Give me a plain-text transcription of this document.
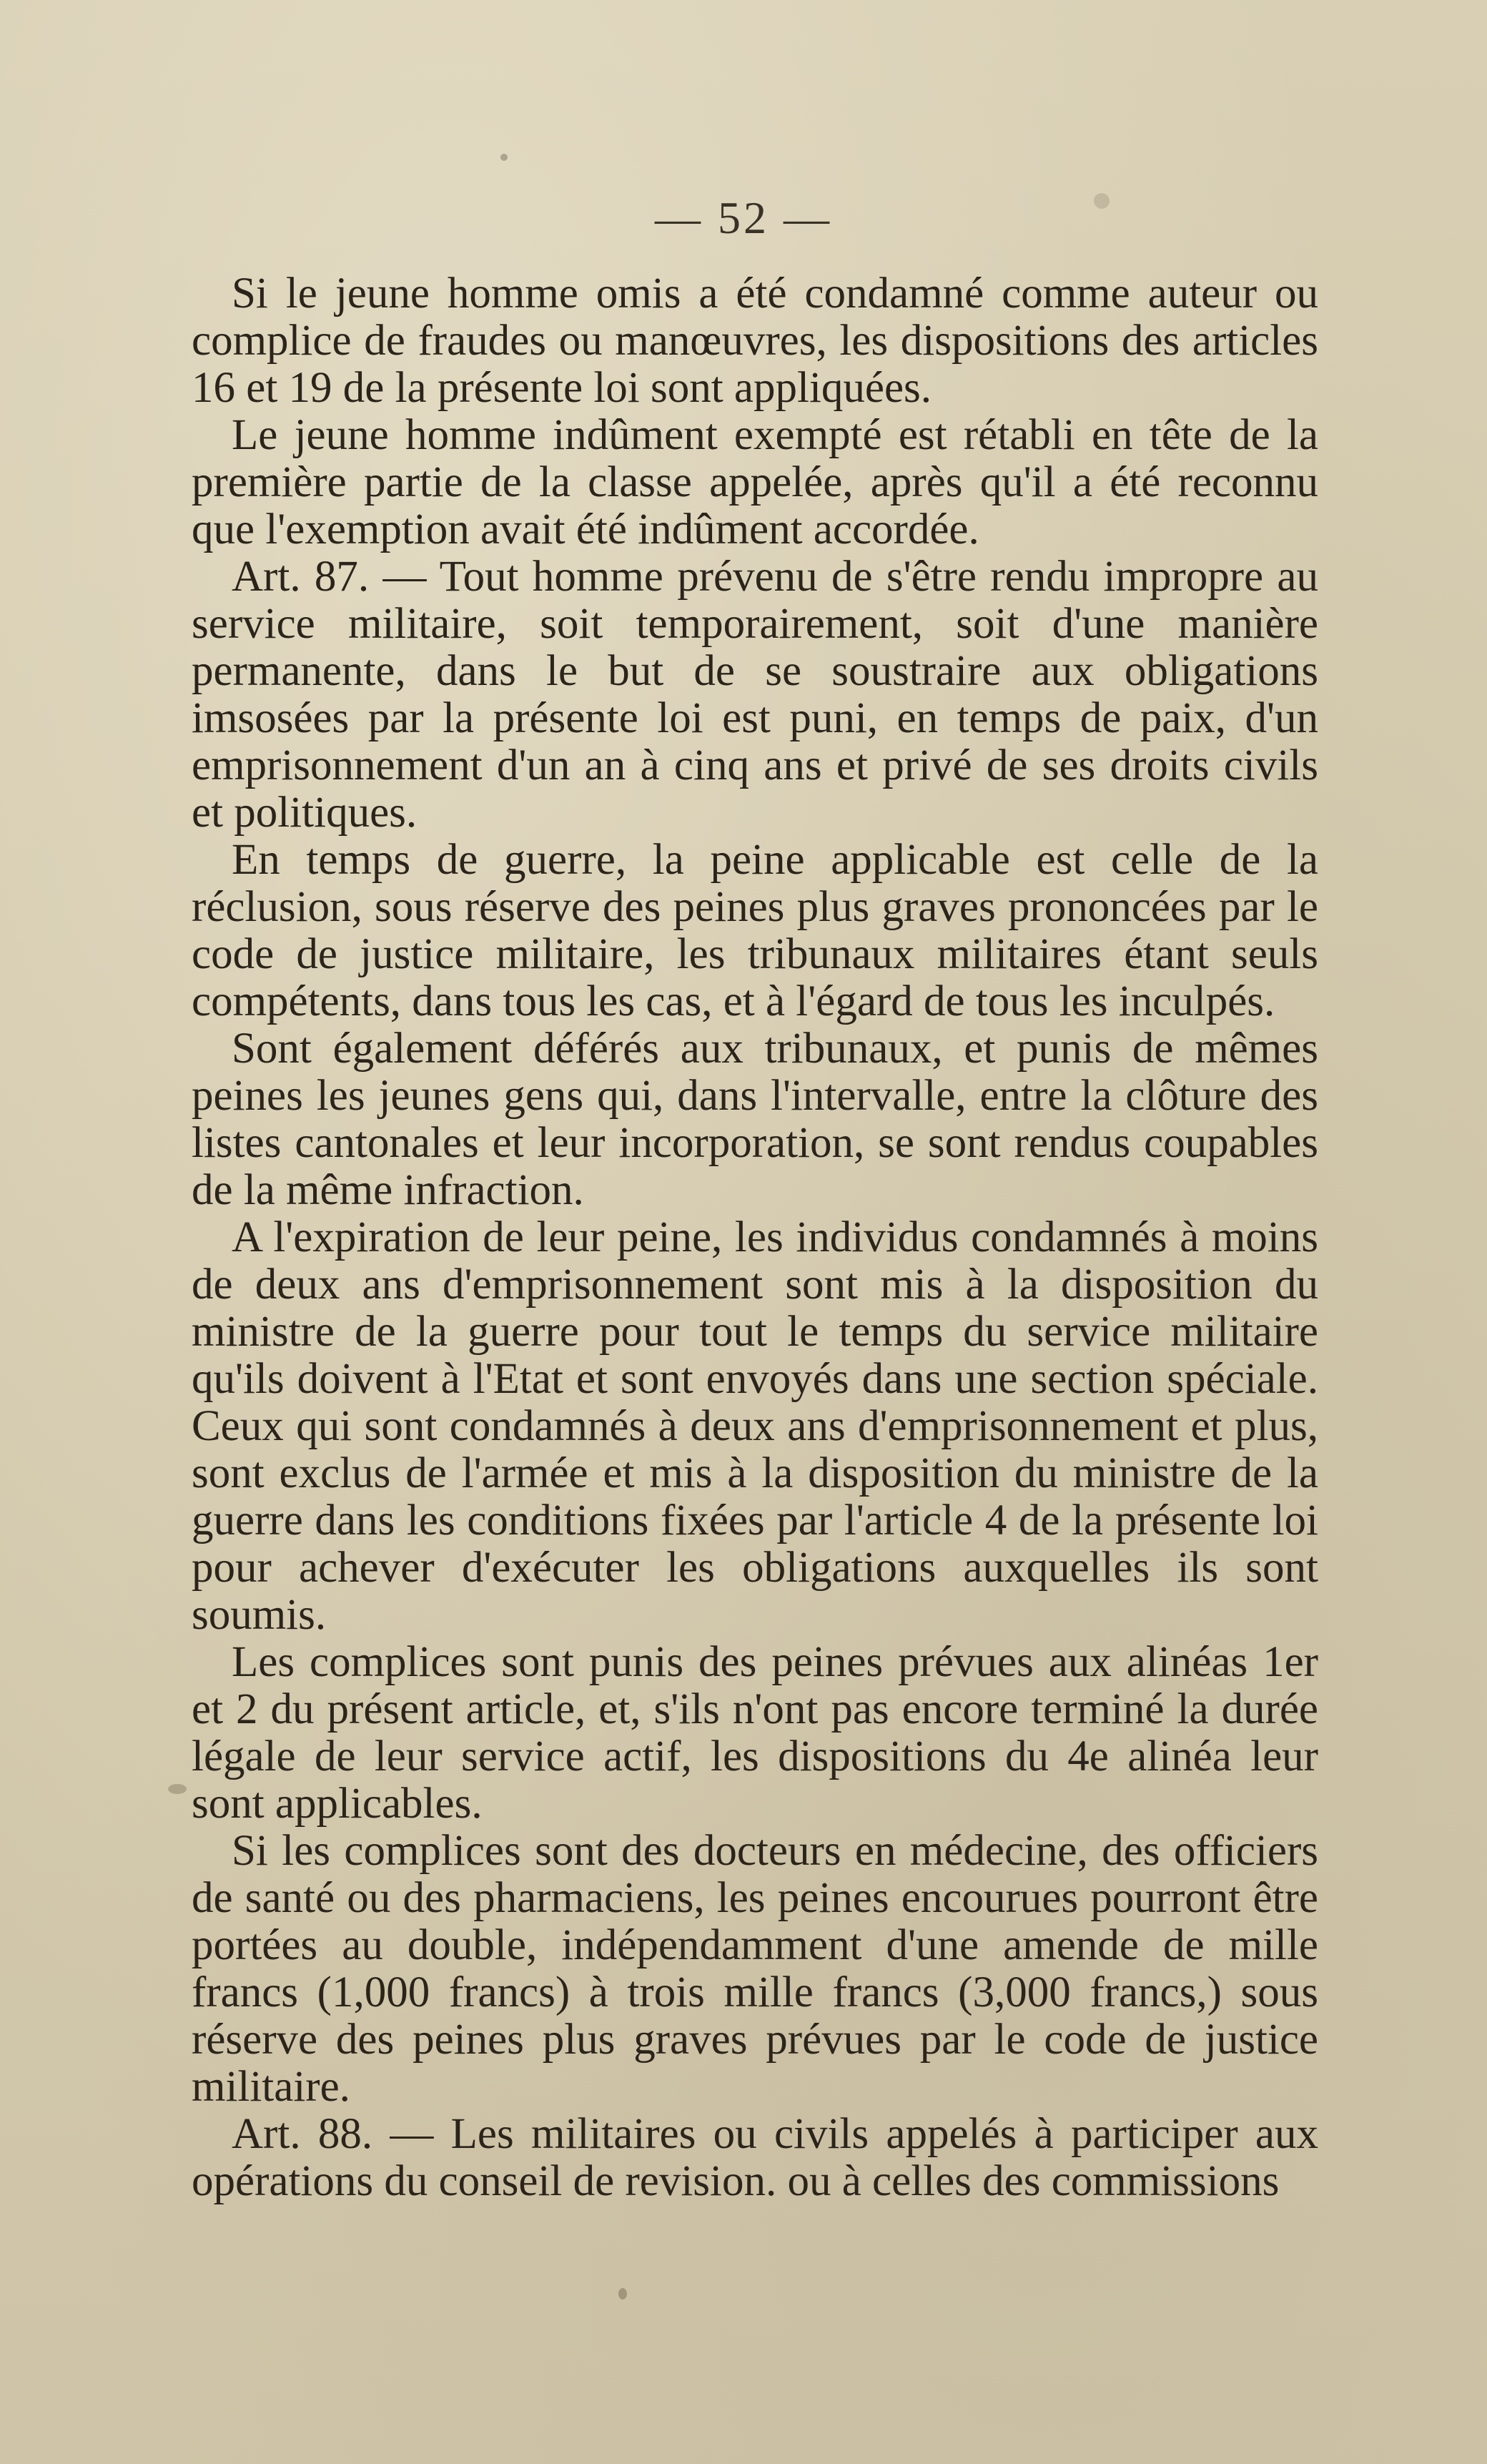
— 52 —

Si le jeune homme omis a été condamné comme auteur ou complice de fraudes ou manœuvres, les dispositions des articles 16 et 19 de la présente loi sont appliquées.

Le jeune homme indûment exempté est rétabli en tête de la première partie de la classe appelée, après qu'il a été reconnu que l'exemption avait été indûment accordée.

Art. 87. — Tout homme prévenu de s'être rendu impropre au service militaire, soit temporairement, soit d'une manière permanente, dans le but de se soustraire aux obligations imsosées par la présente loi est puni, en temps de paix, d'un emprisonnement d'un an à cinq ans et privé de ses droits civils et politiques.

En temps de guerre, la peine applicable est celle de la réclusion, sous réserve des peines plus graves prononcées par le code de justice militaire, les tribunaux militaires étant seuls compétents, dans tous les cas, et à l'égard de tous les inculpés.

Sont également déférés aux tribunaux, et punis de mêmes peines les jeunes gens qui, dans l'intervalle, entre la clôture des listes cantonales et leur incorporation, se sont rendus coupables de la même infraction.

A l'expiration de leur peine, les individus condamnés à moins de deux ans d'emprisonnement sont mis à la disposition du ministre de la guerre pour tout le temps du service militaire qu'ils doivent à l'Etat et sont envoyés dans une section spéciale. Ceux qui sont condamnés à deux ans d'emprisonnement et plus, sont exclus de l'armée et mis à la disposition du ministre de la guerre dans les conditions fixées par l'article 4 de la présente loi pour achever d'exécuter les obligations auxquelles ils sont soumis.

Les complices sont punis des peines prévues aux alinéas 1er et 2 du présent article, et, s'ils n'ont pas encore terminé la durée légale de leur service actif, les dispositions du 4e alinéa leur sont applicables.

Si les complices sont des docteurs en médecine, des officiers de santé ou des pharmaciens, les peines encourues pourront être portées au double, indépendamment d'une amende de mille francs (1,000 francs) à trois mille francs (3,000 francs,) sous réserve des peines plus graves prévues par le code de justice militaire.

Art. 88. — Les militaires ou civils appelés à participer aux opérations du conseil de revision. ou à celles des commissions
